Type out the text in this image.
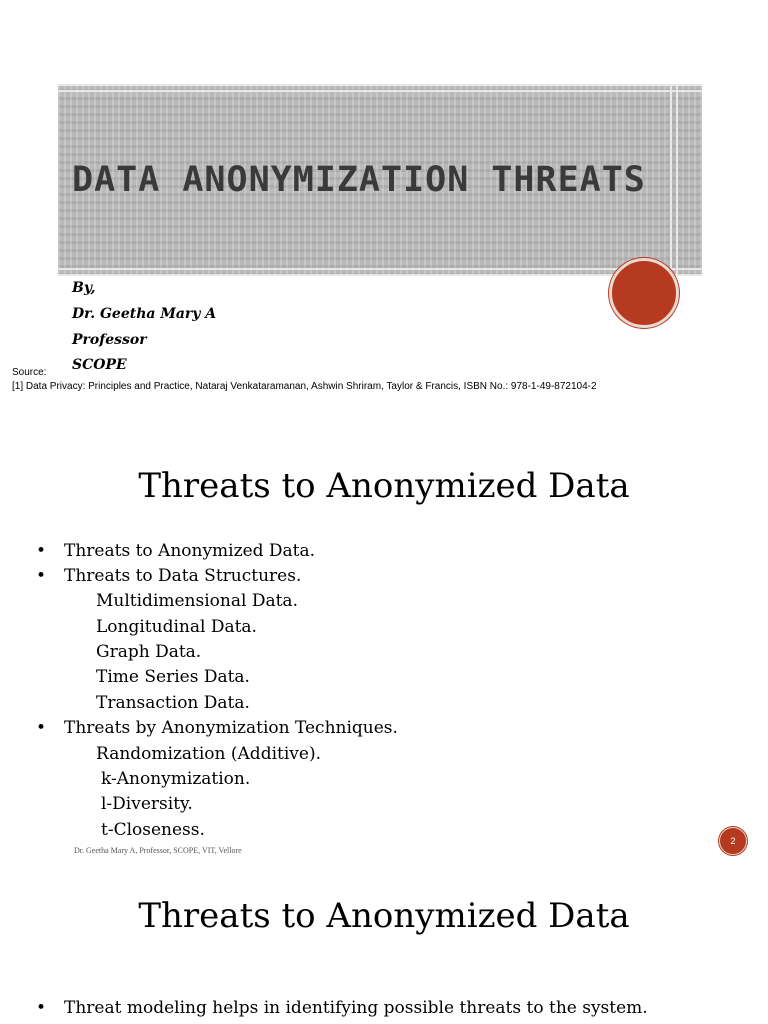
DATA ANONYMIZATION THREATS

By,

Dr. Geetha Mary A

Professor

SCOPE

Source:

[1] Data Privacy: Principles and Practice, Nataraj Venkataramanan, Ashwin Shriram, Taylor & Francis, ISBN No.: 978-1-49-872104-2

Threats to Anonymized Data
• Threats to Anonymized Data.
• Threats to Data Structures.
Multidimensional Data.
Longitudinal Data.
Graph Data.
Time Series Data.
Transaction Data.
• Threats by Anonymization Techniques.
Randomization (Additive).
k-Anonymization.
l-Diversity.
t-Closeness.

Dr. Geetha Mary A, Professor, SCOPE, VIT, Vellore

2
Threats to Anonymized Data
• Threat modeling helps in identifying possible threats to the system.
